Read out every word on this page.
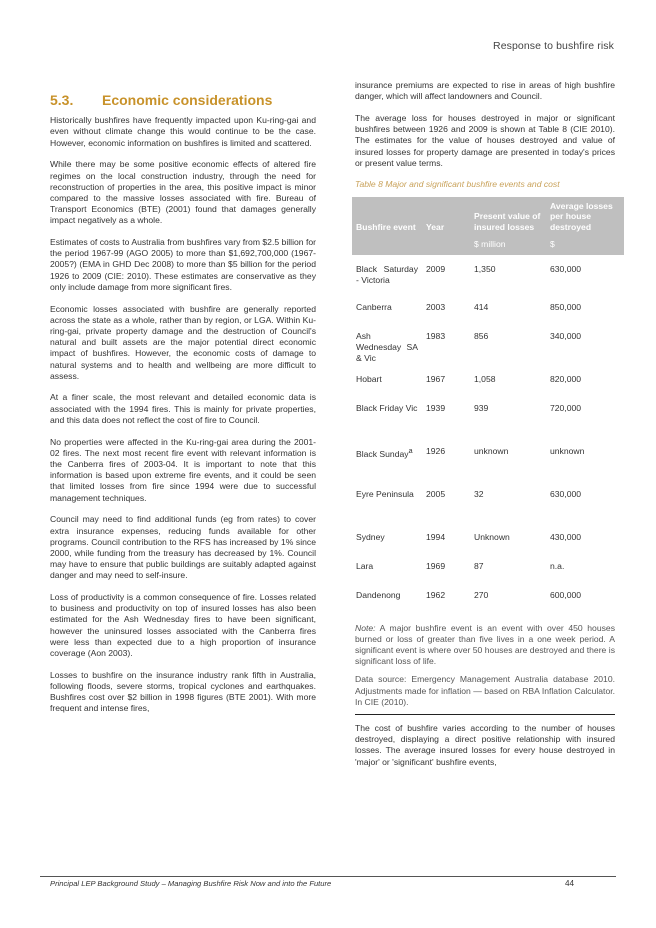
Response to bushfire risk
5.3. Economic considerations

Historically bushfires have frequently impacted upon Ku-ring-gai and even without climate change this would continue to be the case. However, economic information on bushfires is limited and scattered.

While there may be some positive economic effects of altered fire regimes on the local construction industry, through the need for reconstruction of properties in the area, this positive impact is minor compared to the massive losses associated with fire. Bureau of Transport Economics (BTE) (2001) found that damages generally impact negatively as a whole.

Estimates of costs to Australia from bushfires vary from $2.5 billion for the period 1967-99 (AGO 2005) to more than $1,692,700,000 (1967-2005?) (EMA in GHD Dec 2008) to more than $5 billion for the period 1926 to 2009 (CIE: 2010). These estimates are conservative as they only include damage from more significant fires.

Economic losses associated with bushfire are generally reported across the state as a whole, rather than by region, or LGA. Within Ku-ring-gai, private property damage and the destruction of Council's natural and built assets are the major potential direct economic impact of bushfires. However, the economic costs of damage to natural systems and to health and wellbeing are more difficult to assess.

At a finer scale, the most relevant and detailed economic data is associated with the 1994 fires. This is mainly for private properties, and this data does not reflect the cost of fire to Council.

No properties were affected in the Ku-ring-gai area during the 2001-02 fires. The next most recent fire event with relevant information is the Canberra fires of 2003-04. It is important to note that this information is based upon extreme fire events, and it could be seen that limited losses from fire since 1994 were due to successful management techniques.

Council may need to find additional funds (eg from rates) to cover extra insurance expenses, reducing funds available for other programs. Council contribution to the RFS has increased by 1% since 2000, while funding from the treasury has decreased by 1%. Council may have to ensure that public buildings are suitably adapted against danger and may need to self-insure.

Loss of productivity is a common consequence of fire. Losses related to business and productivity on top of insured losses has also been estimated for the Ash Wednesday fires to have been significant, however the uninsured losses associated with the Canberra fires were less than expected due to a high proportion of insurance coverage (Aon 2003).

Losses to bushfire on the insurance industry rank fifth in Australia, following floods, severe storms, tropical cyclones and earthquakes. Bushfires cost over $2 billion in 1998 figures (BTE 2001). With more frequent and intense fires,

insurance premiums are expected to rise in areas of high bushfire danger, which will affect landowners and Council.

The average loss for houses destroyed in major or significant bushfires between 1926 and 2009 is shown at Table 8 (CIE 2010). The estimates for the value of houses destroyed and value of insured losses for property damage are presented in today's prices or present value terms.

Table 8 Major and significant bushfire events and cost
Bushfire event	Year	Present value of insured losses	Average losses per house destroyed
		$ million	$
Black Saturday - Victoria	2009	1,350	630,000
Canberra	2003	414	850,000
Ash Wednesday SA & Vic	1983	856	340,000
Hobart	1967	1,058	820,000
Black Friday Vic	1939	939	720,000
Black Sunday$^a$	1926	unknown	unknown
Eyre Peninsula	2005	32	630,000
Sydney	1994	Unknown	430,000
Lara	1969	87	n.a.
Dandenong	1962	270	600,000
Note: A major bushfire event is an event with over 450 houses burned or loss of greater than five lives in a one week period. A significant event is where over 50 houses are destroyed and there is significant loss of life.
Data source: Emergency Management Australia database 2010. Adjustments made for inflation — based on RBA Inflation Calculator. In CIE (2010).

The cost of bushfire varies according to the number of houses destroyed, displaying a direct positive relationship with insured losses. The average insured losses for every house destroyed in 'major' or 'significant' bushfire events,

Principal LEP Background Study – Managing Bushfire Risk Now and into the Future	44
